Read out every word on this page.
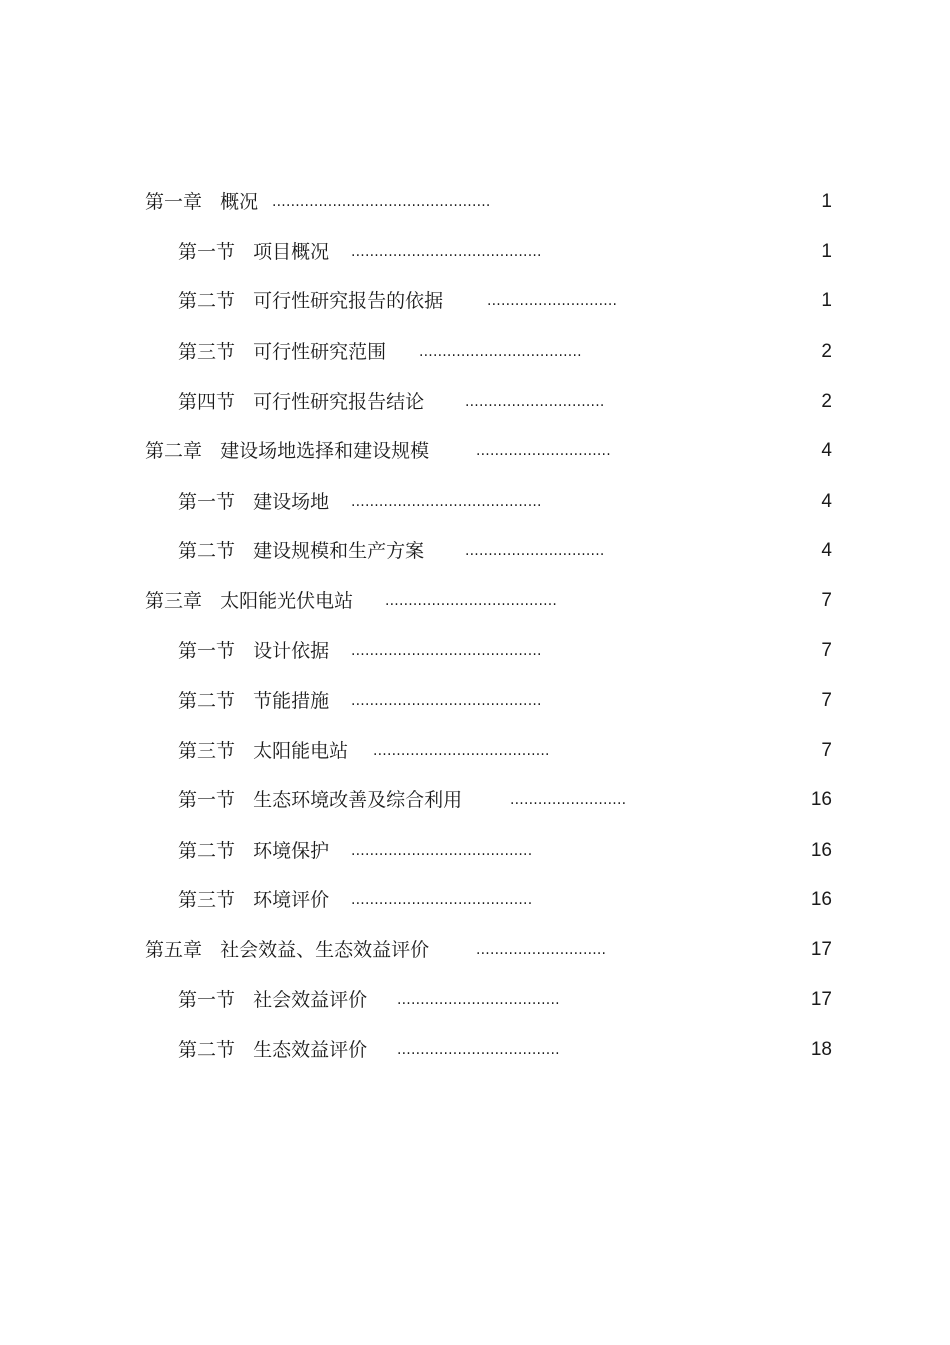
第一章   概况 ...............................................	1
第一节   项目概况 .........................................	1
第二节   可行性研究报告的依据	............................	1
第三节   可行性研究范围 ...................................	2
第四节   可行性研究报告结论	..............................	2
第二章   建设场地选择和建设规模	.............................	4
第一节   建设场地 .........................................	4
第二节   建设规模和生产方案	..............................	4
第三章   太阳能光伏电站 .....................................	7
第一节   设计依据 .........................................	7
第二节   节能措施 .........................................	7
第三节   太阳能电站 ......................................	7
第一节   生态环境改善及综合利用	.........................	16
第二节   环境保护 .......................................	16
第三节   环境评价 .......................................	16
第五章   社会效益、生态效益评价	............................	17
第一节   社会效益评价 ...................................	17
第二节   生态效益评价 ...................................	18
